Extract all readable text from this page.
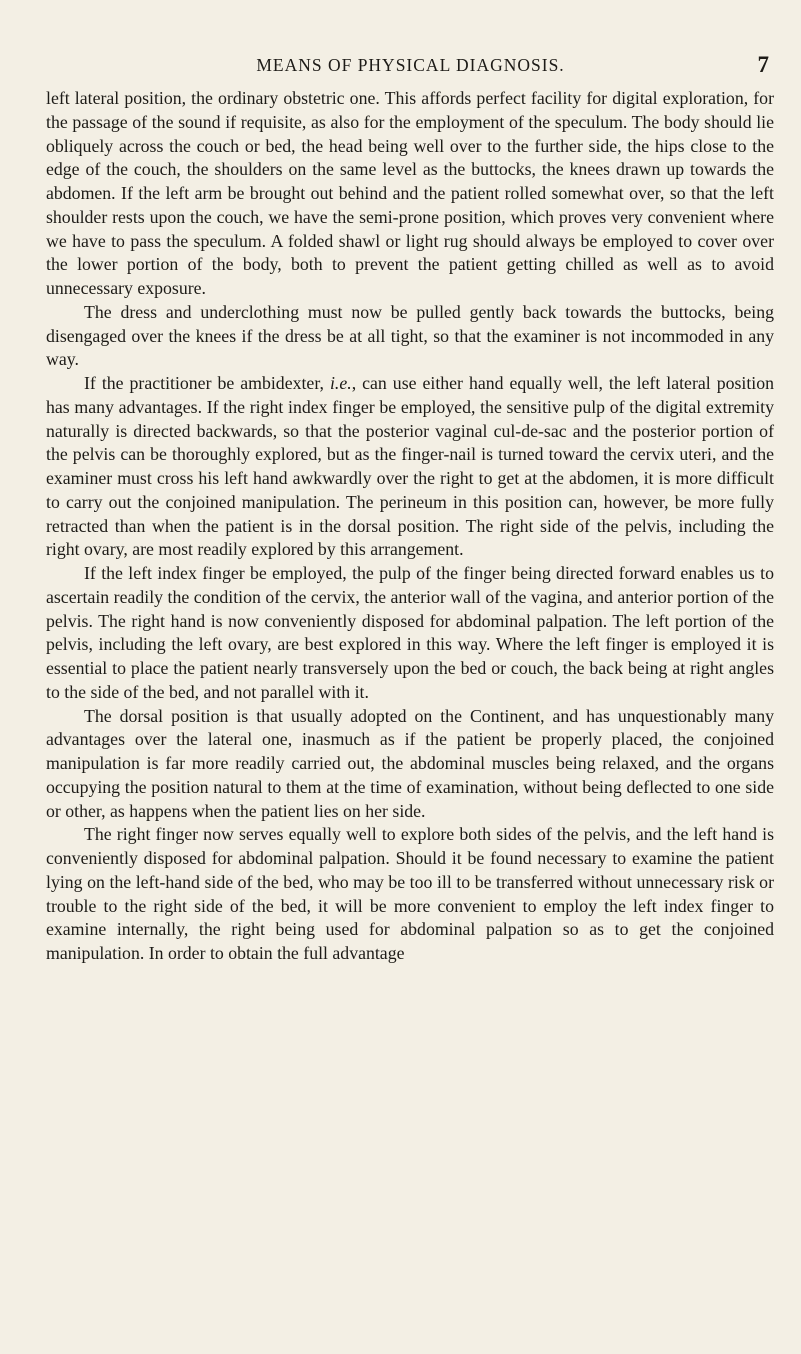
MEANS OF PHYSICAL DIAGNOSIS.	7

left lateral position, the ordinary obstetric one. This affords perfect facility for digital exploration, for the passage of the sound if requisite, as also for the employment of the speculum. The body should lie obliquely across the couch or bed, the head being well over to the further side, the hips close to the edge of the couch, the shoulders on the same level as the buttocks, the knees drawn up towards the abdomen. If the left arm be brought out behind and the patient rolled somewhat over, so that the left shoulder rests upon the couch, we have the semi-prone position, which proves very convenient where we have to pass the speculum. A folded shawl or light rug should always be employed to cover over the lower portion of the body, both to prevent the patient getting chilled as well as to avoid unnecessary exposure.

The dress and underclothing must now be pulled gently back towards the buttocks, being disengaged over the knees if the dress be at all tight, so that the examiner is not incommoded in any way.

If the practitioner be ambidexter, i.e., can use either hand equally well, the left lateral position has many advantages. If the right index finger be employed, the sensitive pulp of the digital extremity naturally is directed backwards, so that the posterior vaginal cul-de-sac and the posterior portion of the pelvis can be thoroughly explored, but as the finger-nail is turned toward the cervix uteri, and the examiner must cross his left hand awkwardly over the right to get at the abdomen, it is more difficult to carry out the conjoined manipulation. The perineum in this position can, however, be more fully retracted than when the patient is in the dorsal position. The right side of the pelvis, including the right ovary, are most readily explored by this arrangement.

If the left index finger be employed, the pulp of the finger being directed forward enables us to ascertain readily the condition of the cervix, the anterior wall of the vagina, and anterior portion of the pelvis. The right hand is now conveniently disposed for abdominal palpation. The left portion of the pelvis, including the left ovary, are best explored in this way. Where the left finger is employed it is essential to place the patient nearly transversely upon the bed or couch, the back being at right angles to the side of the bed, and not parallel with it.

The dorsal position is that usually adopted on the Continent, and has unquestionably many advantages over the lateral one, inasmuch as if the patient be properly placed, the conjoined manipulation is far more readily carried out, the abdominal muscles being relaxed, and the organs occupying the position natural to them at the time of examination, without being deflected to one side or other, as happens when the patient lies on her side.

The right finger now serves equally well to explore both sides of the pelvis, and the left hand is conveniently disposed for abdominal palpation. Should it be found necessary to examine the patient lying on the left-hand side of the bed, who may be too ill to be transferred without unnecessary risk or trouble to the right side of the bed, it will be more convenient to employ the left index finger to examine internally, the right being used for abdominal palpation so as to get the conjoined manipulation. In order to obtain the full advantage
